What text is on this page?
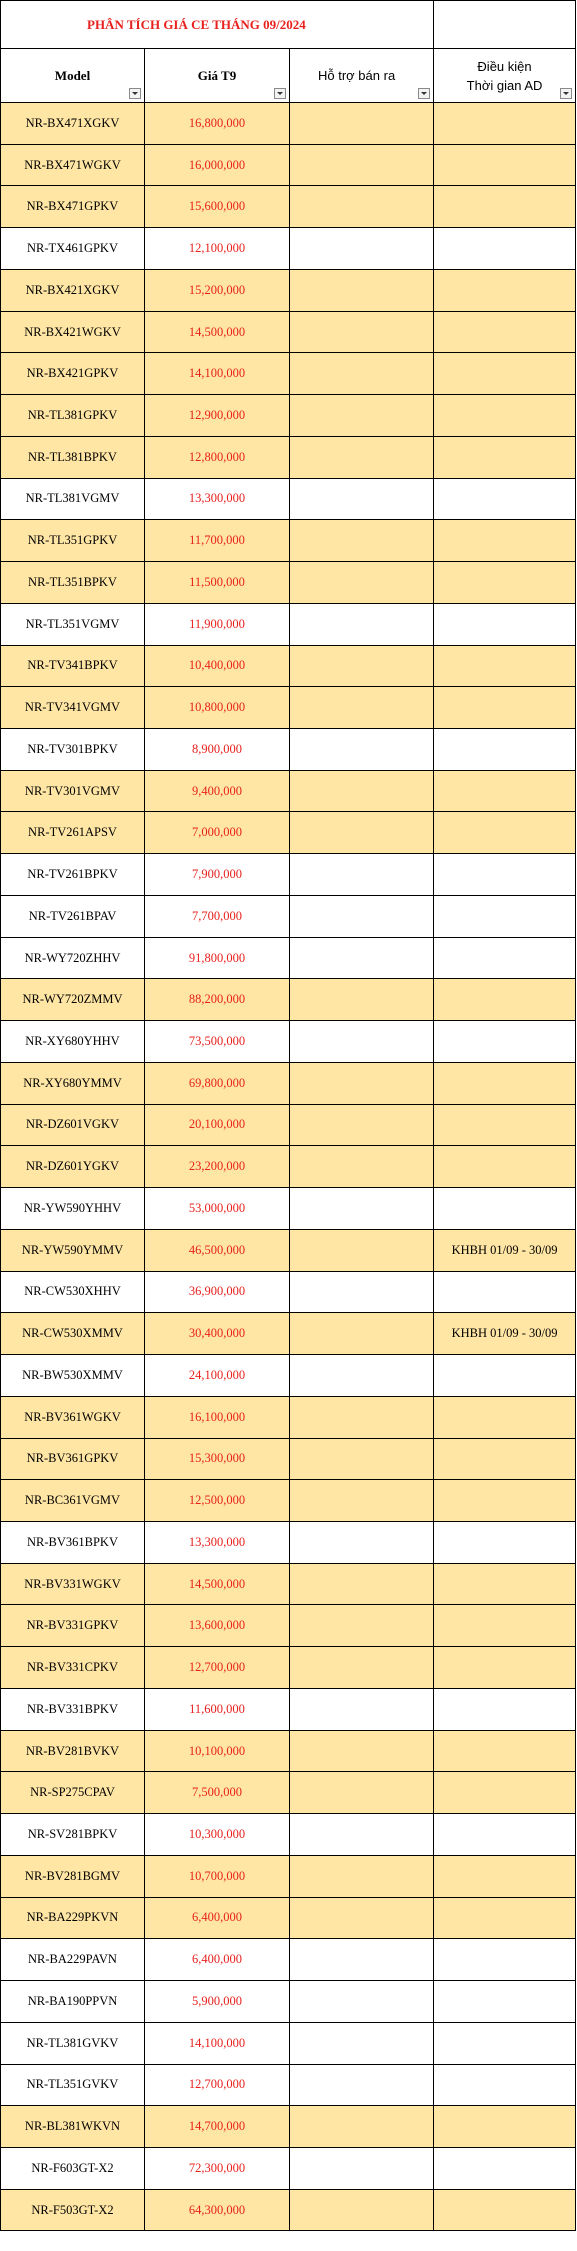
PHÂN TÍCH GIÁ CE THÁNG 09/2024			

Model	Giá T9	Hỗ trợ bán ra	Điều kiện
Thời gian AD

NR-BX471XGKV	16,800,000		
NR-BX471WGKV	16,000,000		
NR-BX471GPKV	15,600,000		
NR-TX461GPKV	12,100,000		
NR-BX421XGKV	15,200,000		
NR-BX421WGKV	14,500,000		
NR-BX421GPKV	14,100,000		
NR-TL381GPKV	12,900,000		
NR-TL381BPKV	12,800,000		
NR-TL381VGMV	13,300,000		
NR-TL351GPKV	11,700,000		
NR-TL351BPKV	11,500,000		
NR-TL351VGMV	11,900,000		
NR-TV341BPKV	10,400,000		
NR-TV341VGMV	10,800,000		
NR-TV301BPKV	8,900,000		
NR-TV301VGMV	9,400,000		
NR-TV261APSV	7,000,000		
NR-TV261BPKV	7,900,000		
NR-TV261BPAV	7,700,000		
NR-WY720ZHHV	91,800,000		
NR-WY720ZMMV	88,200,000		
NR-XY680YHHV	73,500,000		
NR-XY680YMMV	69,800,000		
NR-DZ601VGKV	20,100,000		
NR-DZ601YGKV	23,200,000		
NR-YW590YHHV	53,000,000		
NR-YW590YMMV	46,500,000		KHBH 01/09 - 30/09
NR-CW530XHHV	36,900,000		
NR-CW530XMMV	30,400,000		KHBH 01/09 - 30/09
NR-BW530XMMV	24,100,000		
NR-BV361WGKV	16,100,000		
NR-BV361GPKV	15,300,000		
NR-BC361VGMV	12,500,000		
NR-BV361BPKV	13,300,000		
NR-BV331WGKV	14,500,000		
NR-BV331GPKV	13,600,000		
NR-BV331CPKV	12,700,000		
NR-BV331BPKV	11,600,000		
NR-BV281BVKV	10,100,000		
NR-SP275CPAV	7,500,000		
NR-SV281BPKV	10,300,000		
NR-BV281BGMV	10,700,000		
NR-BA229PKVN	6,400,000		
NR-BA229PAVN	6,400,000		
NR-BA190PPVN	5,900,000		
NR-TL381GVKV	14,100,000		
NR-TL351GVKV	12,700,000		
NR-BL381WKVN	14,700,000		
NR-F603GT-X2	72,300,000		
NR-F503GT-X2	64,300,000		
